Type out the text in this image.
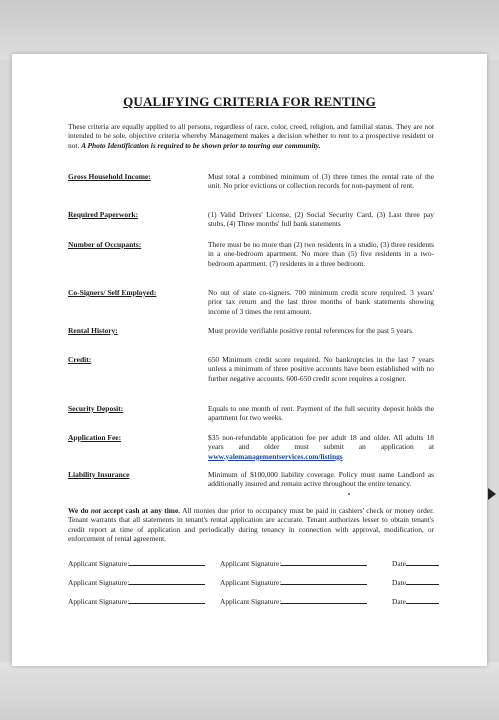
QUALIFYING CRITERIA FOR RENTING
These criteria are equally applied to all persons, regardless of race, color, creed, religion, and familial status. They are not intended to be sole, objective criteria whereby Management makes a decision whether to rent to a prospective resident or not. A Photo Identification is required to be shown prior to touring our community.
Gross Household Income:	Must total a combined minimum of (3) three times the rental rate of the unit. No prior evictions or collection records for non-payment of rent.
Required Paperwork:	(1) Valid Drivers' License, (2) Social Security Card, (3) Last three pay stubs, (4) Three months' full bank statements
Number of Occupants:	There must be no more than (2) two residents in a studio, (3) three residents in a one-bedroom apartment. No more than (5) five residents in a two-bedroom apartment. (7) residents in a three bedroom.
Co-Signers/ Self Employed:	No out of state co-signers. 700 minimum credit score required. 3 years' prior tax return and the last three months of bank statements showing income of 3 times the rent amount.
Rental History:	Must provide verifiable positive rental references for the past 5 years.
Credit:	650 Minimum credit score required. No bankruptcies in the last 7 years unless a minimum of three positive accounts have been established with no further negative accounts. 600-650 credit score requires a cosigner.
Security Deposit:	Equals to one month of rent. Payment of the full security deposit holds the apartment for two weeks.
Application Fee:	$35 non-refundable application fee per adult 18 and older. All adults 18 years and older must submit an application at www.yalemanagementservices.com/listings
Liability Insurance	Minimum of $100,000 liability coverage. Policy must name Landlord as additionally insured and remain active throughout the entire tenancy.
We do not accept cash at any time. All monies due prior to occupancy must be paid in cashiers' check or money order. Tenant warrants that all statements in tenant's rental application are accurate. Tenant authorizes lesser to obtain tenant's credit report at time of application and periodically during tenancy in connection with approval, modification, or enforcement of rental agreement.
Applicant Signature:	Applicant Signature:	Date
Applicant Signature:	Applicant Signature:	Date
Applicant Signature:	Applicant Signature:	Date
